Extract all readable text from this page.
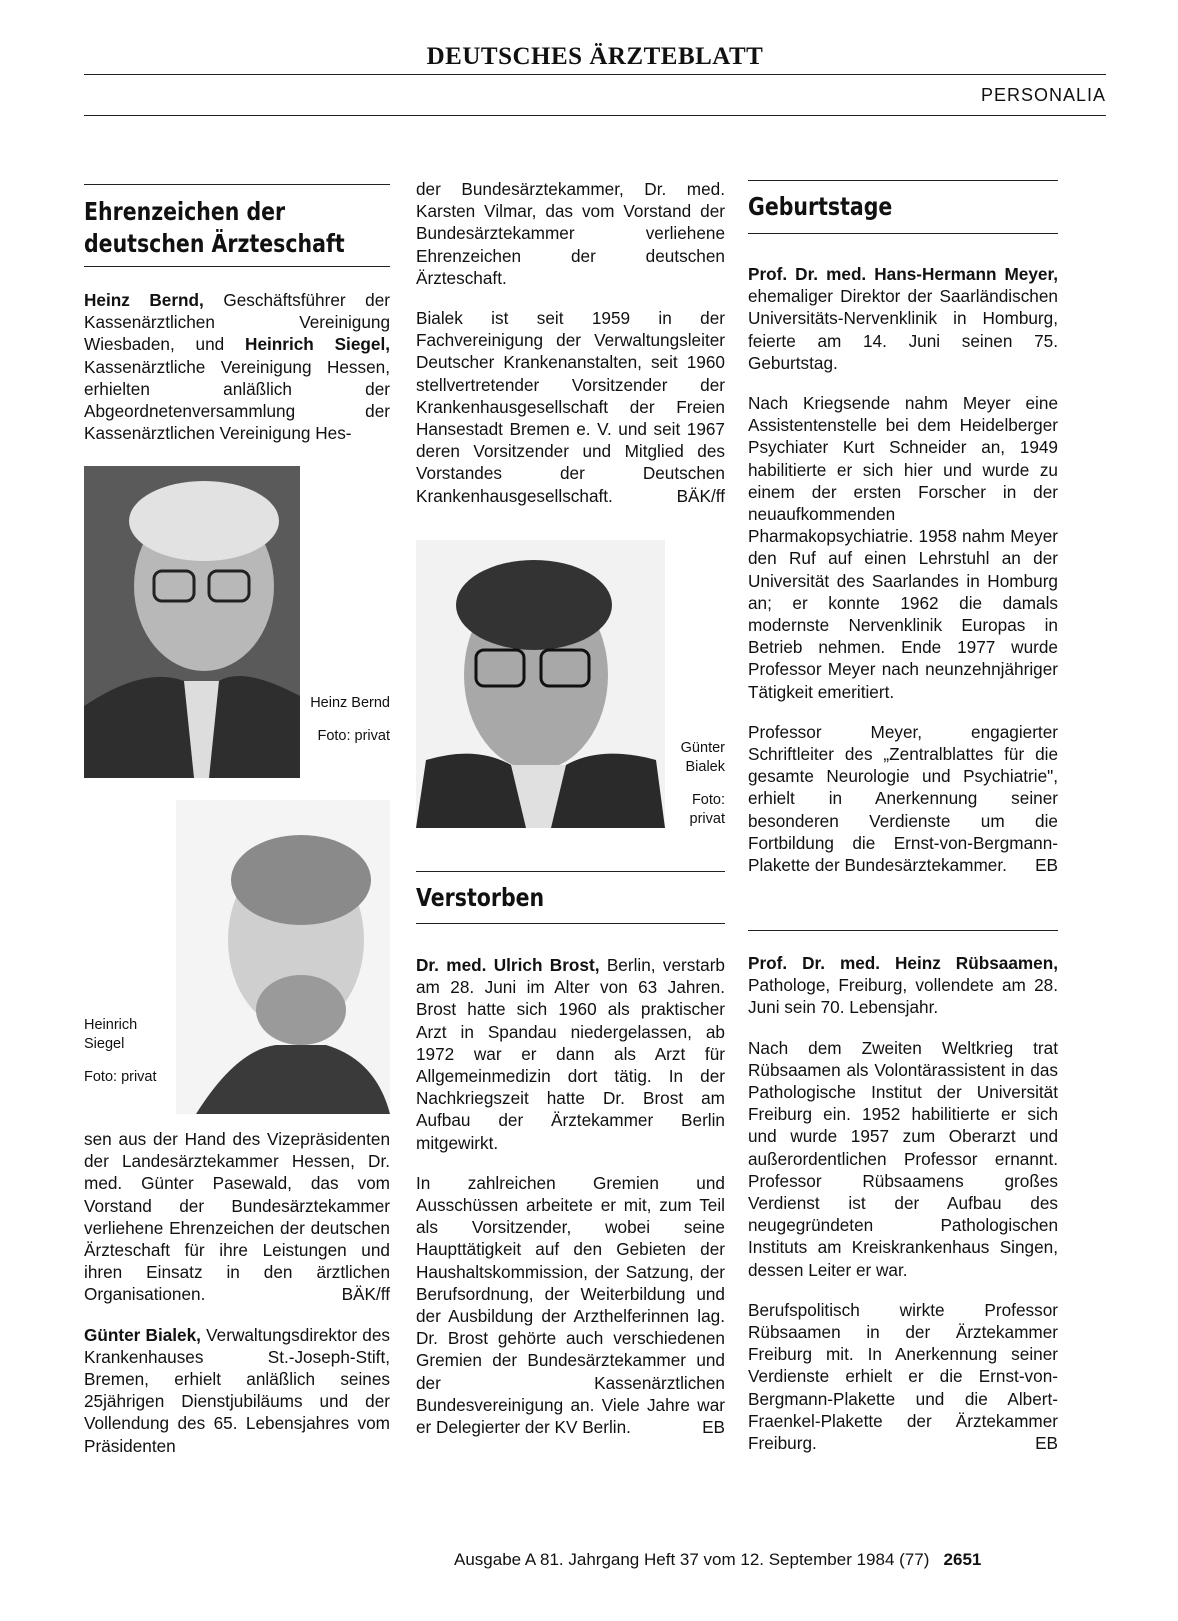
DEUTSCHES ÄRZTEBLATT
PERSONALIA
Ehrenzeichen der
deutschen Ärzteschaft

Heinz Bernd, Geschäftsführer der Kassenärztlichen Vereinigung Wiesbaden, und Heinrich Siegel, Kassenärztliche Vereinigung Hessen, erhielten anläßlich der Abgeordnetenversammlung der Kassenärztlichen Vereinigung Hes-

Heinz Bernd

Foto: privat

Heinrich Siegel

Foto: privat

sen aus der Hand des Vizepräsidenten der Landesärztekammer Hessen, Dr. med. Günter Pasewald, das vom Vorstand der Bundesärztekammer verliehene Ehrenzeichen der deutschen Ärzteschaft für ihre Leistungen und ihren Einsatz in den ärztlichen Organisationen.	BÄK/ff

Günter Bialek, Verwaltungsdirektor des Krankenhauses St.-Joseph-Stift, Bremen, erhielt anläßlich seines 25jährigen Dienstjubiläums und der Vollendung des 65. Lebensjahres vom Präsidenten

der Bundesärztekammer, Dr. med. Karsten Vilmar, das vom Vorstand der Bundesärztekammer verliehene Ehrenzeichen der deutschen Ärzteschaft.

Bialek ist seit 1959 in der Fachvereinigung der Verwaltungsleiter Deutscher Krankenanstalten, seit 1960 stellvertretender Vorsitzender der Krankenhausgesellschaft der Freien Hansestadt Bremen e. V. und seit 1967 deren Vorsitzender und Mitglied des Vorstandes der Deutschen Krankenhausgesellschaft.	BÄK/ff

Günter Bialek

Foto: privat

Verstorben

Dr. med. Ulrich Brost, Berlin, verstarb am 28. Juni im Alter von 63 Jahren. Brost hatte sich 1960 als praktischer Arzt in Spandau niedergelassen, ab 1972 war er dann als Arzt für Allgemeinmedizin dort tätig. In der Nachkriegszeit hatte Dr. Brost am Aufbau der Ärztekammer Berlin mitgewirkt.

In zahlreichen Gremien und Ausschüssen arbeitete er mit, zum Teil als Vorsitzender, wobei seine Haupttätigkeit auf den Gebieten der Haushaltskommission, der Satzung, der Berufsordnung, der Weiterbildung und der Ausbildung der Arzthelferinnen lag. Dr. Brost gehörte auch verschiedenen Gremien der Bundesärztekammer und der Kassenärztlichen Bundesvereinigung an. Viele Jahre war er Delegierter der KV Berlin.	EB

Geburtstage

Prof. Dr. med. Hans-Hermann Meyer, ehemaliger Direktor der Saarländischen Universitäts-Nervenklinik in Homburg, feierte am 14. Juni seinen 75. Geburtstag.

Nach Kriegsende nahm Meyer eine Assistentenstelle bei dem Heidelberger Psychiater Kurt Schneider an, 1949 habilitierte er sich hier und wurde zu einem der ersten Forscher in der neuaufkommenden Pharmakopsychiatrie. 1958 nahm Meyer den Ruf auf einen Lehrstuhl an der Universität des Saarlandes in Homburg an; er konnte 1962 die damals modernste Nervenklinik Europas in Betrieb nehmen. Ende 1977 wurde Professor Meyer nach neunzehnjähriger Tätigkeit emeritiert.

Professor Meyer, engagierter Schriftleiter des „Zentralblattes für die gesamte Neurologie und Psychiatrie", erhielt in Anerkennung seiner besonderen Verdienste um die Fortbildung die Ernst-von-Bergmann-Plakette der Bundesärztekammer. EB

Prof. Dr. med. Heinz Rübsaamen, Pathologe, Freiburg, vollendete am 28. Juni sein 70. Lebensjahr.

Nach dem Zweiten Weltkrieg trat Rübsaamen als Volontärassistent in das Pathologische Institut der Universität Freiburg ein. 1952 habilitierte er sich und wurde 1957 zum Oberarzt und außerordentlichen Professor ernannt. Professor Rübsaamens großes Verdienst ist der Aufbau des neugegründeten Pathologischen Instituts am Kreiskrankenhaus Singen, dessen Leiter er war.

Berufspolitisch wirkte Professor Rübsaamen in der Ärztekammer Freiburg mit. In Anerkennung seiner Verdienste erhielt er die Ernst-von-Bergmann-Plakette und die Albert-Fraenkel-Plakette der Ärztekammer Freiburg.	EB

Ausgabe A 81. Jahrgang Heft 37 vom 12. September 1984 (77) 2651
